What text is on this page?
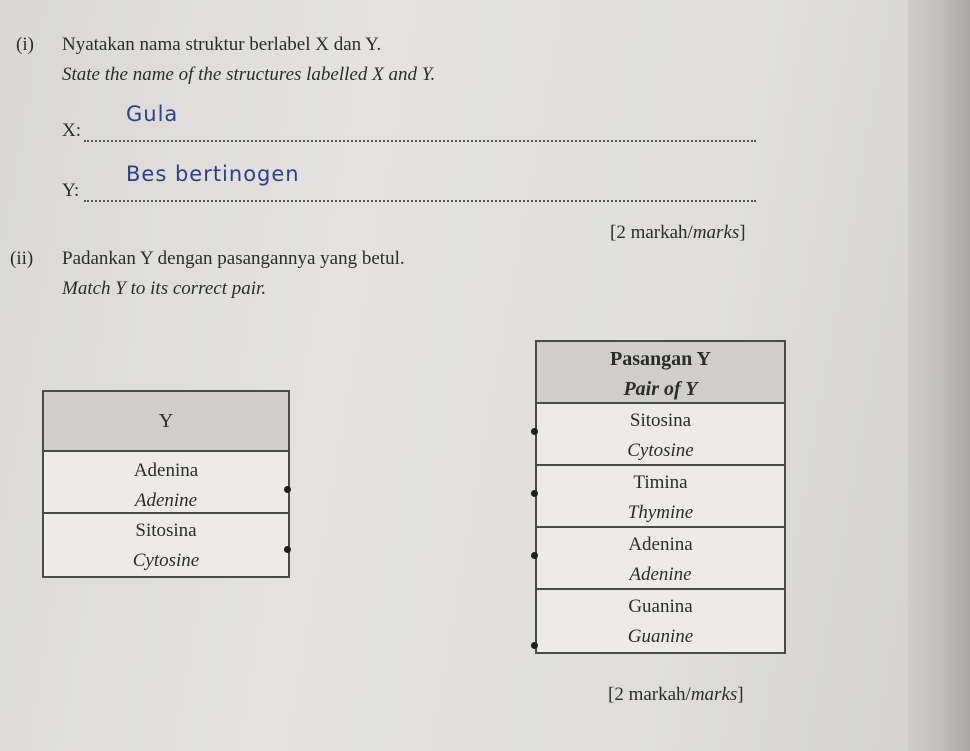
(i) Nyatakan nama struktur berlabel X dan Y.
State the name of the structures labelled X and Y.
X:
Gula
Y:
Bes bertinogen
[2 markah/marks]
(ii) Padankan Y dengan pasangannya yang betul.
Match Y to its correct pair.
Y
Adenina
Adenine
Sitosina
Cytosine
Pasangan Y
Pair of Y
Sitosina
Cytosine
Timina
Thymine
Adenina
Adenine
Guanina
Guanine
[2 markah/marks]
